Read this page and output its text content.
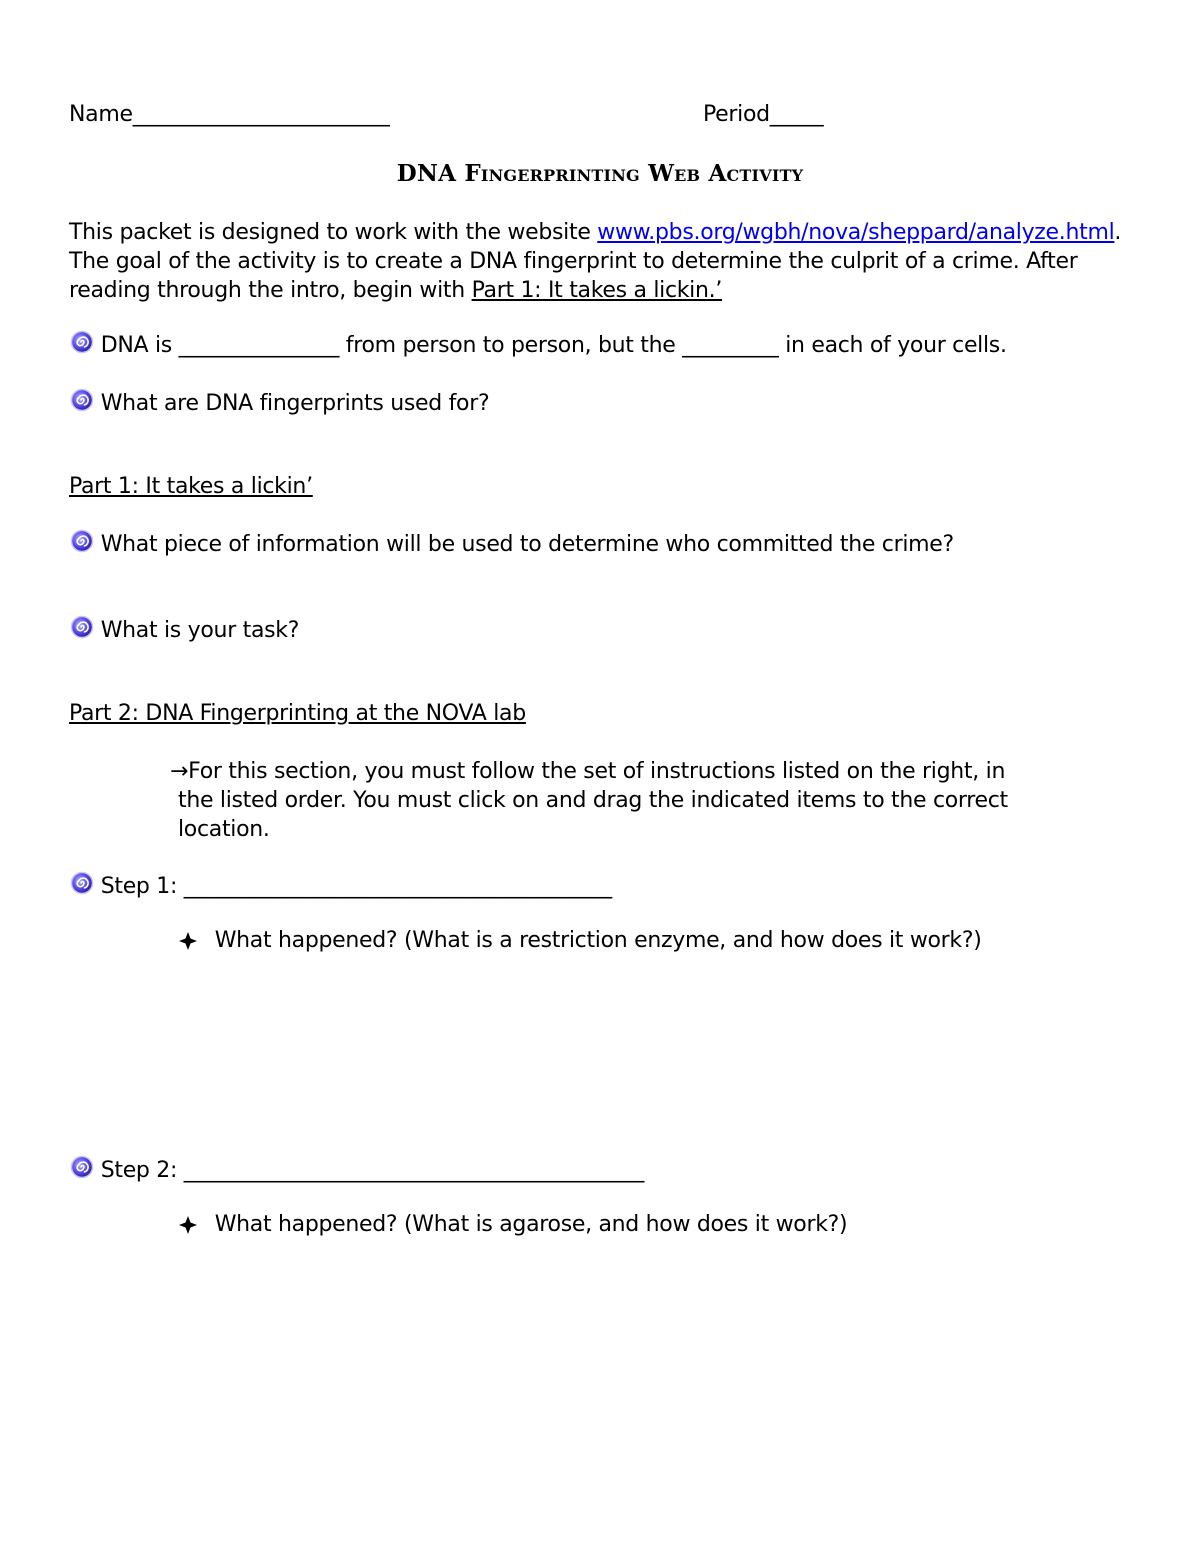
Name________________________	Period_____
DNA Fingerprinting Web Activity
This packet is designed to work with the website www.pbs.org/wgbh/nova/sheppard/analyze.html.
The goal of the activity is to create a DNA fingerprint to determine the culprit of a crime. After
reading through the intro, begin with Part 1: It takes a lickin.’
DNA is _______________ from person to person, but the _________ in each of your cells.
What are DNA fingerprints used for?
Part 1: It takes a lickin’
What piece of information will be used to determine who committed the crime?
What is your task?
Part 2: DNA Fingerprinting at the NOVA lab
→For this section, you must follow the set of instructions listed on the right, in
the listed order. You must click on and drag the indicated items to the correct
location.
Step 1: ________________________________________
What happened? (What is a restriction enzyme, and how does it work?)
Step 2: ___________________________________________
What happened? (What is agarose, and how does it work?)
